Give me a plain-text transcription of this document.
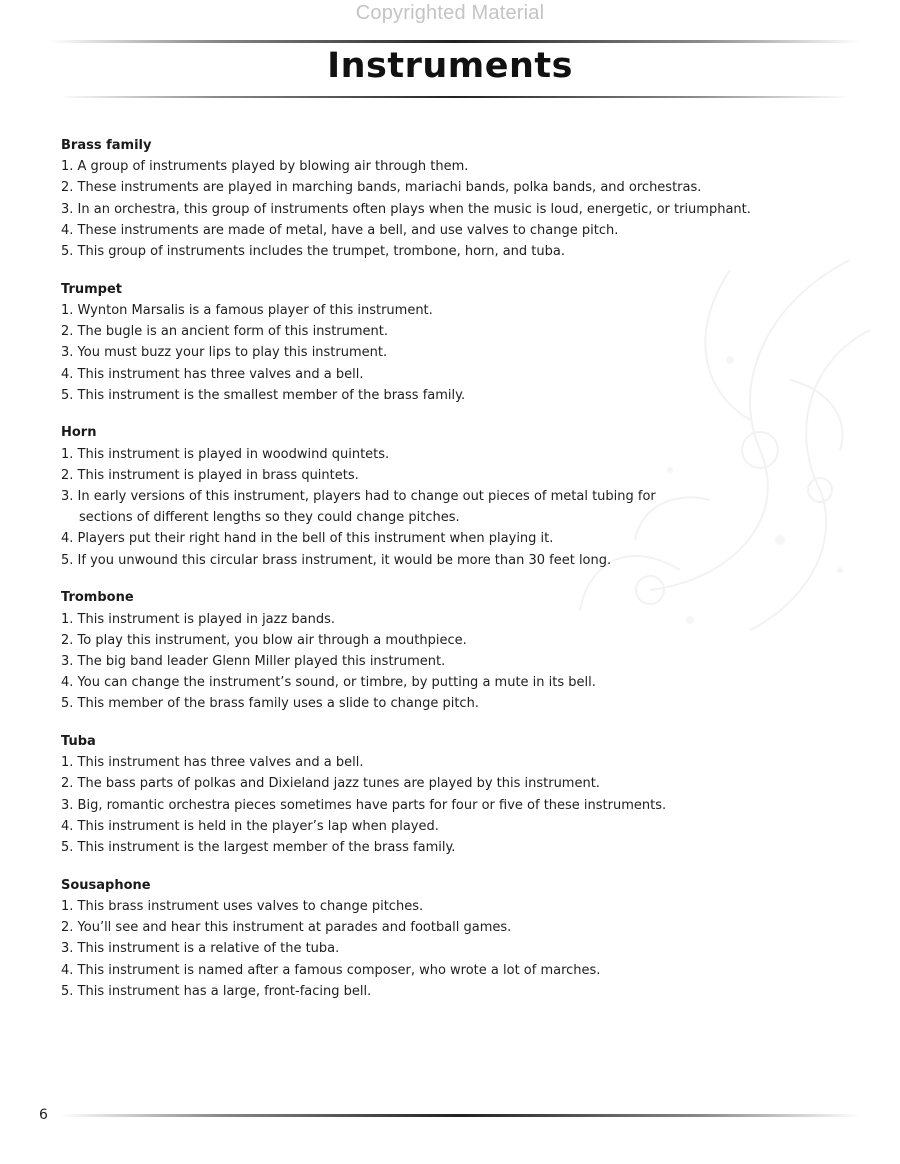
Copyrighted Material
Instruments
Brass family
1. A group of instruments played by blowing air through them.
2. These instruments are played in marching bands, mariachi bands, polka bands, and orchestras.
3. In an orchestra, this group of instruments often plays when the music is loud, energetic, or triumphant.
4. These instruments are made of metal, have a bell, and use valves to change pitch.
5. This group of instruments includes the trumpet, trombone, horn, and tuba.
Trumpet
1. Wynton Marsalis is a famous player of this instrument.
2. The bugle is an ancient form of this instrument.
3. You must buzz your lips to play this instrument.
4. This instrument has three valves and a bell.
5. This instrument is the smallest member of the brass family.
Horn
1. This instrument is played in woodwind quintets.
2. This instrument is played in brass quintets.
3. In early versions of this instrument, players had to change out pieces of metal tubing for
sections of different lengths so they could change pitches.
4. Players put their right hand in the bell of this instrument when playing it.
5. If you unwound this circular brass instrument, it would be more than 30 feet long.
Trombone
1. This instrument is played in jazz bands.
2. To play this instrument, you blow air through a mouthpiece.
3. The big band leader Glenn Miller played this instrument.
4. You can change the instrument’s sound, or timbre, by putting a mute in its bell.
5. This member of the brass family uses a slide to change pitch.
Tuba
1. This instrument has three valves and a bell.
2. The bass parts of polkas and Dixieland jazz tunes are played by this instrument.
3. Big, romantic orchestra pieces sometimes have parts for four or five of these instruments.
4. This instrument is held in the player’s lap when played.
5. This instrument is the largest member of the brass family.
Sousaphone
1. This brass instrument uses valves to change pitches.
2. You’ll see and hear this instrument at parades and football games.
3. This instrument is a relative of the tuba.
4. This instrument is named after a famous composer, who wrote a lot of marches.
5. This instrument has a large, front-facing bell.
6
